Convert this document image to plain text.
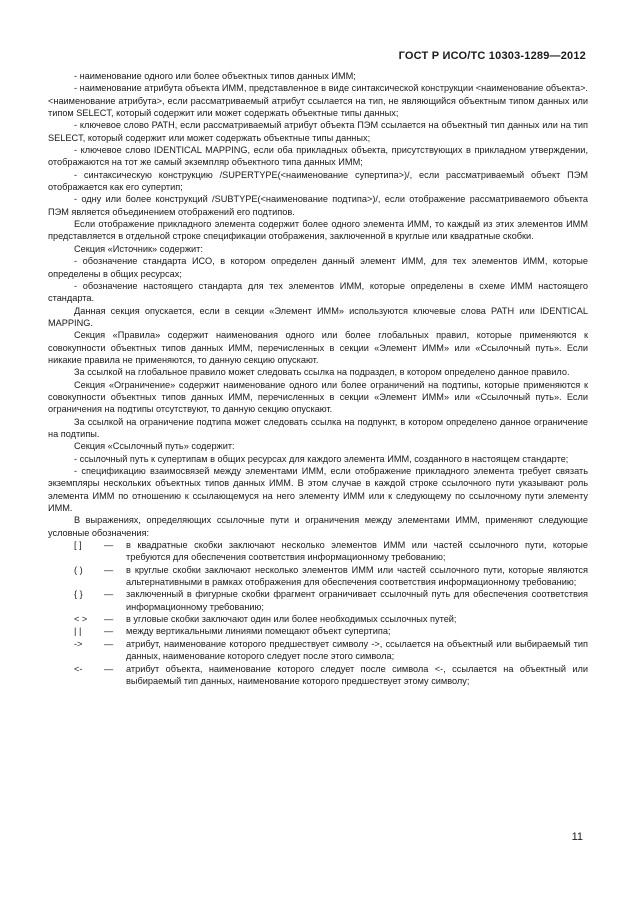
ГОСТ Р ИСО/ТС 10303-1289—2012

- наименование одного или более объектных типов данных ИММ;

- наименование атрибута объекта ИММ, представленное в виде синтаксической конструкции <наименование объекта>.<наименование атрибута>, если рассматриваемый атрибут ссылается на тип, не являющийся объектным типом данных или типом SELECT, который содержит или может содержать объектные типы данных;

- ключевое слово PATH, если рассматриваемый атрибут объекта ПЭМ ссылается на объектный тип данных или на тип SELECT, который содержит или может содержать объектные типы данных;

- ключевое слово IDENTICAL MAPPING, если оба прикладных объекта, присутствующих в прикладном утверждении, отображаются на тот же самый экземпляр объектного типа данных ИММ;

- синтаксическую конструкцию /SUPERTYPE(<наименование супертипа>)/, если рассматриваемый объект ПЭМ отображается как его супертип;

- одну или более конструкций /SUBTYPE(<наименование подтипа>)/, если отображение рассматриваемого объекта ПЭМ является объединением отображений его подтипов.

Если отображение прикладного элемента содержит более одного элемента ИММ, то каждый из этих элементов ИММ представляется в отдельной строке спецификации отображения, заключенной в круглые или квадратные скобки.

Секция «Источник» содержит:

- обозначение стандарта ИСО, в котором определен данный элемент ИММ, для тех элементов ИММ, которые определены в общих ресурсах;

- обозначение настоящего стандарта для тех элементов ИММ, которые определены в схеме ИММ настоящего стандарта.

Данная секция опускается, если в секции «Элемент ИММ» используются ключевые слова PATH или IDENTICAL MAPPING.

Секция «Правила» содержит наименования одного или более глобальных правил, которые применяются к совокупности объектных типов данных ИММ, перечисленных в секции «Элемент ИММ» или «Ссылочный путь». Если никакие правила не применяются, то данную секцию опускают.

За ссылкой на глобальное правило может следовать ссылка на подраздел, в котором определено данное правило.

Секция «Ограничение» содержит наименование одного или более ограничений на подтипы, которые применяются к совокупности объектных типов данных ИММ, перечисленных в секции «Элемент ИММ» или «Ссылочный путь». Если ограничения на подтипы отсутствуют, то данную секцию опускают.

За ссылкой на ограничение подтипа может следовать ссылка на подпункт, в котором определено данное ограничение на подтипы.

Секция «Ссылочный путь» содержит:

- ссылочный путь к супертипам в общих ресурсах для каждого элемента ИММ, созданного в настоящем стандарте;

- спецификацию взаимосвязей между элементами ИММ, если отображение прикладного элемента требует связать экземпляры нескольких объектных типов данных ИММ. В этом случае в каждой строке ссылочного пути указывают роль элемента ИММ по отношению к ссылающемуся на него элементу ИММ или к следующему по ссылочному пути элементу ИММ.

В выражениях, определяющих ссылочные пути и ограничения между элементами ИММ, применяют следующие условные обозначения:

[ ]	—	в квадратные скобки заключают несколько элементов ИММ или частей ссылочного пути, которые требуются для обеспечения соответствия информационному требованию;
( )	—	в круглые скобки заключают несколько элементов ИММ или частей ссылочного пути, которые являются альтернативными в рамках отображения для обеспечения соответствия информационному требованию;
{ }	—	заключенный в фигурные скобки фрагмент ограничивает ссылочный путь для обеспечения соответствия информационному требованию;
< >	—	в угловые скобки заключают один или более необходимых ссылочных путей;
| |	—	между вертикальными линиями помещают объект супертипа;
->	—	атрибут, наименование которого предшествует символу ->, ссылается на объектный или выбираемый тип данных, наименование которого следует после этого символа;
<-	—	атрибут объекта, наименование которого следует после символа <-, ссылается на объектный или выбираемый тип данных, наименование которого предшествует этому символу;
11
